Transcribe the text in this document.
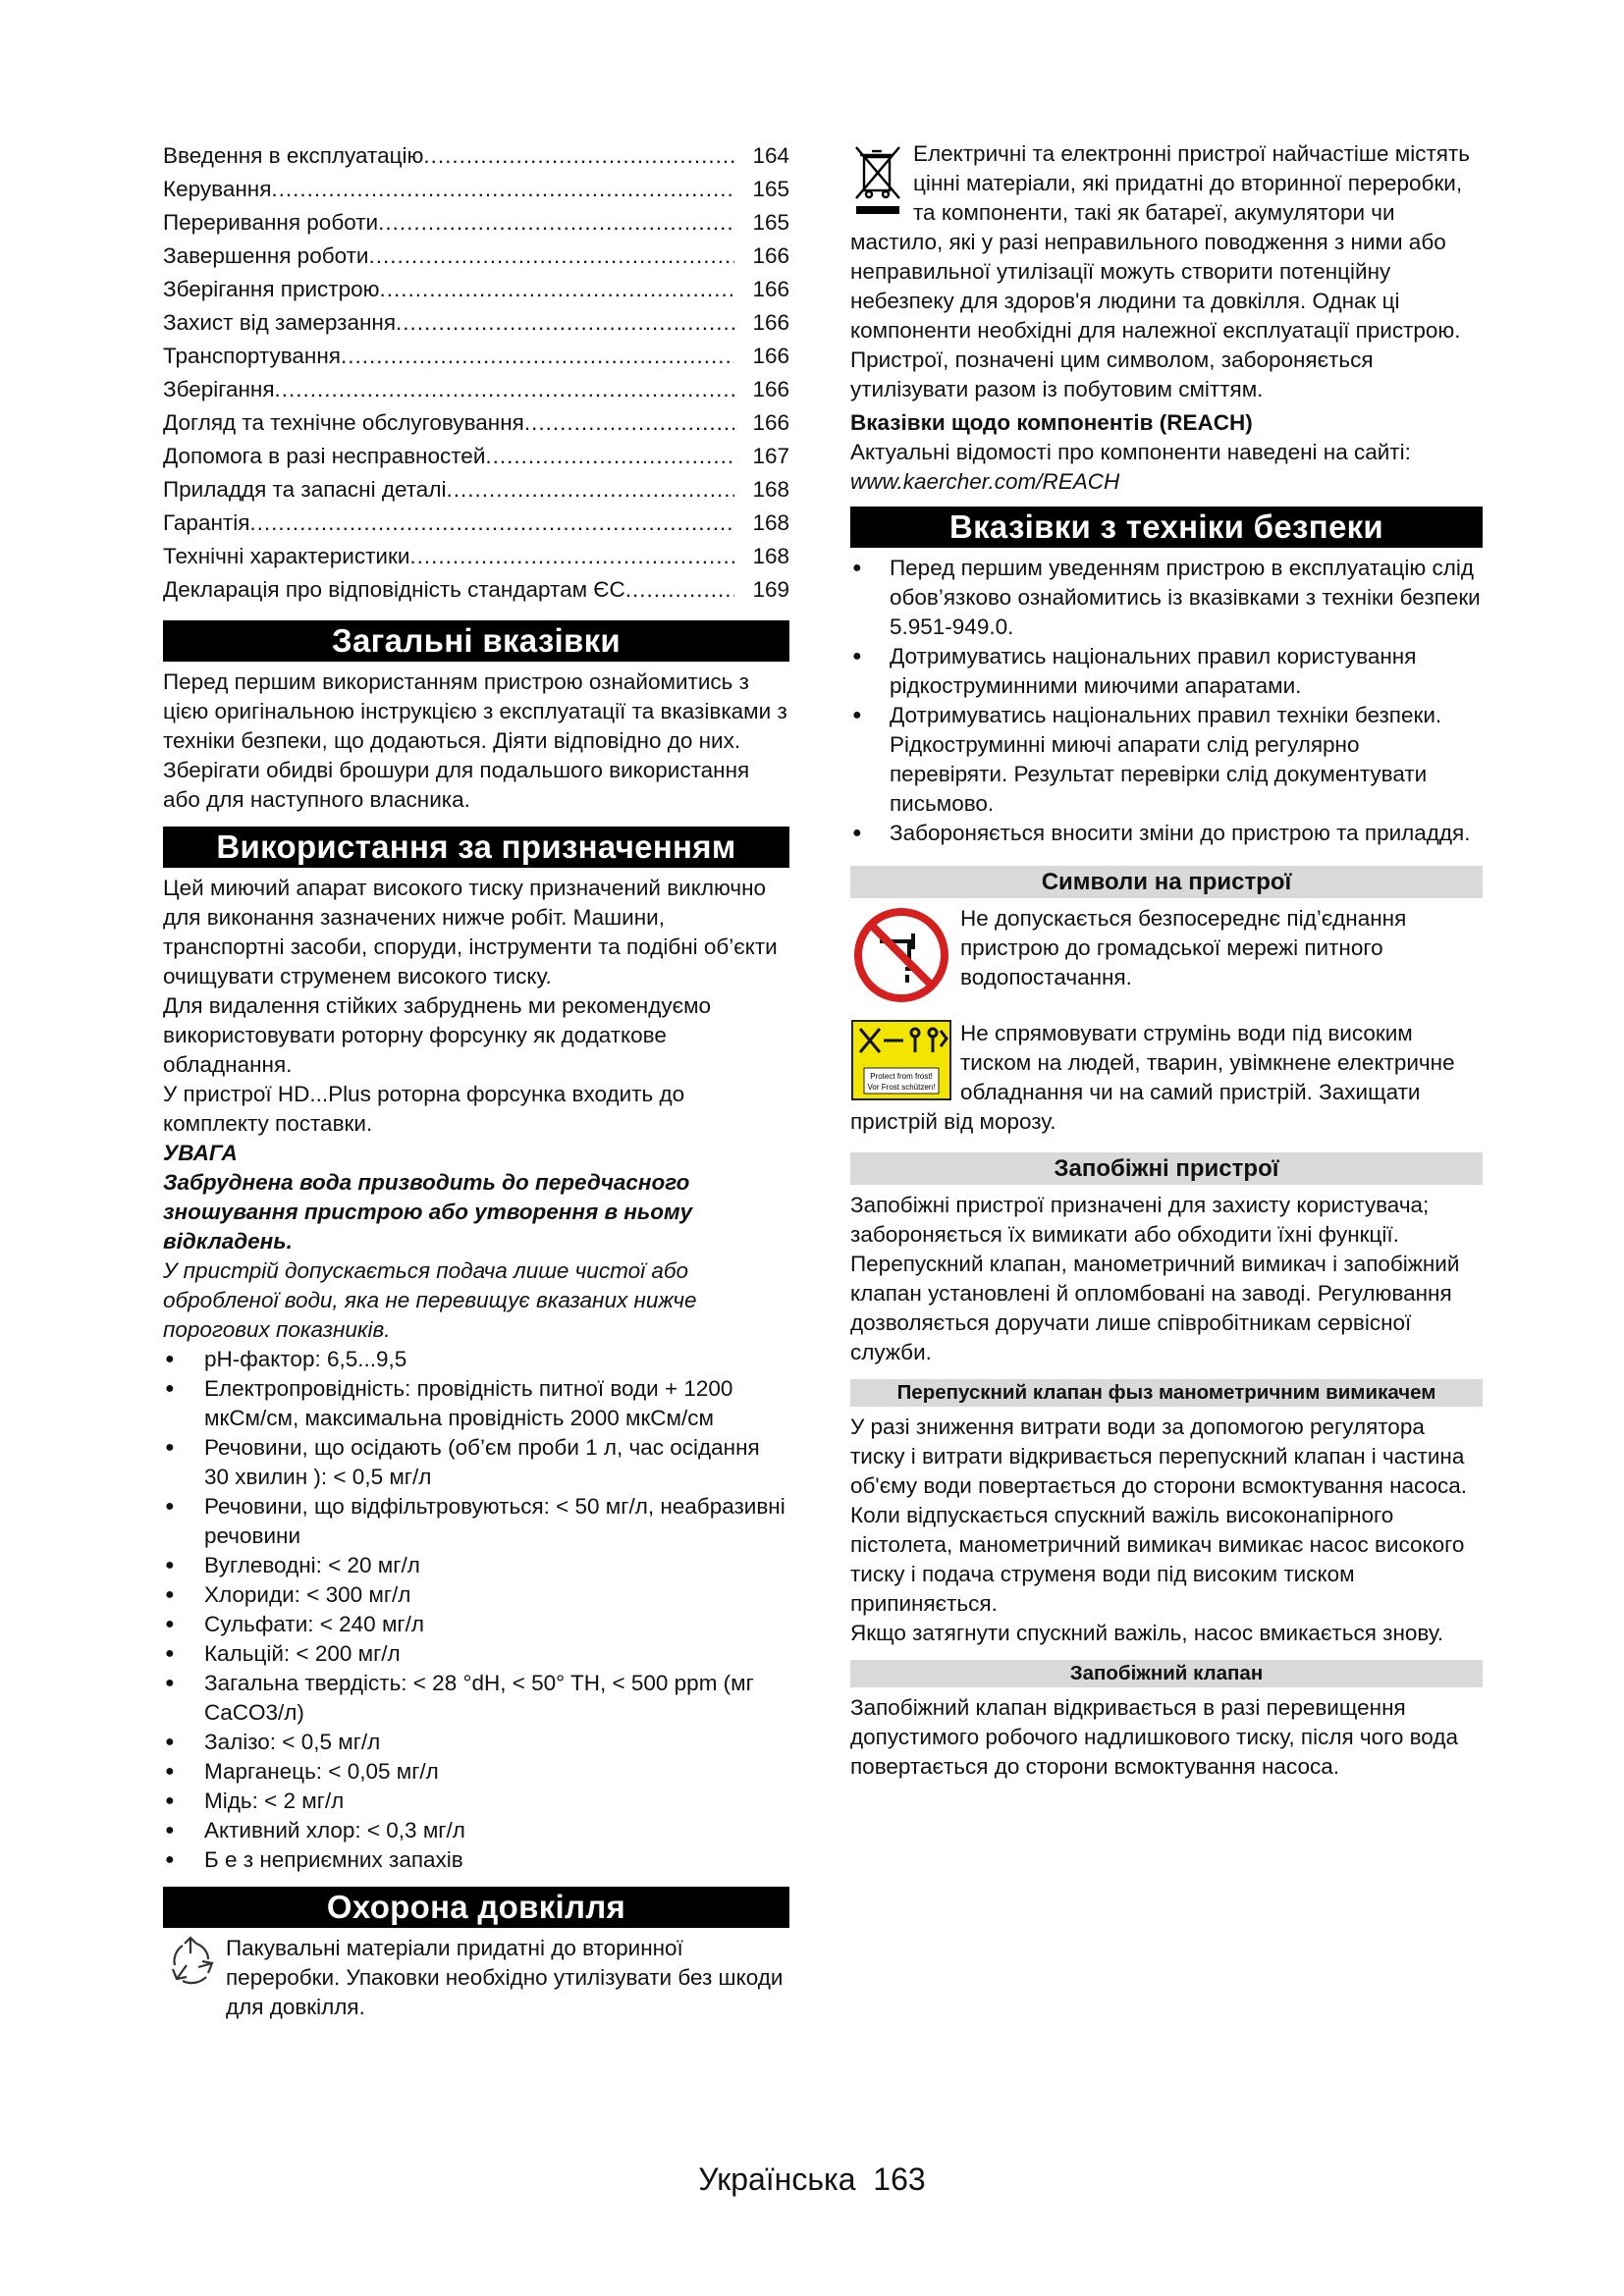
Введення в експлуатацію .....	164
Керування .....	165
Переривання роботи .....	165
Завершення роботи .....	166
Зберігання пристрою .....	166
Захист від замерзання .....	166
Транспортування .....	166
Зберігання .....	166
Догляд та технічне обслуговування .....	166
Допомога в разі несправностей .....	167
Приладдя та запасні деталі .....	168
Гарантія .....	168
Технічні характеристики .....	168
Декларація про відповідність стандартам ЄС .....	169
Загальні вказівки

Перед першим використанням пристрою ознайомитись з цією оригінальною інструкцією з експлуатації та вказівками з техніки безпеки, що додаються. Діяти відповідно до них.

Зберігати обидві брошури для подальшого використання або для наступного власника.

Використання за призначенням

Цей миючий апарат високого тиску призначений виключно для виконання зазначених нижче робіт. Машини, транспортні засоби, споруди, інструменти та подібні об’єкти очищувати струменем високого тиску.

Для видалення стійких забруднень ми рекомендуємо використовувати роторну форсунку як додаткове обладнання.

У пристрої HD...Plus роторна форсунка входить до комплекту поставки.

УВАГА

Забруднена вода призводить до передчасного зношування пристрою або утворення в ньому відкладень.

У пристрій допускається подача лише чистої або обробленої води, яка не перевищує вказаних нижче порогових показників.

● pH-фактор: 6,5...9,5
● Електропровідність: провідність питної води + 1200 мкСм/см, максимальна провідність 2000 мкСм/см
● Речовини, що осідають (об’єм проби 1 л, час осідання 30 хвилин ): < 0,5 мг/л
● Речовини, що відфільтровуються: < 50 мг/л, неабразивні речовини
● Вуглеводні: < 20 мг/л
● Хлориди: < 300 мг/л
● Сульфати: < 240 мг/л
● Кальцій: < 200 мг/л
● Загальна твердість: < 28 °dH, < 50° TH, < 500 ppm (мг CaCO3/л)
● Залізо: < 0,5 мг/л
● Марганець: < 0,05 мг/л
● Мідь: < 2 мг/л
● Активний хлор: < 0,3 мг/л
● Б е з неприємних запахів
Охорона довкілля

Пакувальні матеріали придатні до вторинної переробки. Упаковки необхідно утилізувати без шкоди для довкілля.

Електричні та електронні пристрої найчастіше містять цінні матеріали, які придатні до вторинної переробки, та компоненти, такі як батареї, акумулятори чи мастило, які у разі неправильного поводження з ними або неправильної утилізації можуть створити потенційну небезпеку для здоров'я людини та довкілля. Однак ці компоненти необхідні для належної експлуатації пристрою. Пристрої, позначені цим символом, забороняється утилізувати разом із побутовим сміттям.

Вказівки щодо компонентів (REACH)

Актуальні відомості про компоненти наведені на сайті: www.kaercher.com/REACH

Вказівки з техніки безпеки
● Перед першим уведенням пристрою в експлуатацію слід обов’язково ознайомитись із вказівками з техніки безпеки 5.951-949.0.
● Дотримуватись національних правил користування рідкоструминними миючими апаратами.
● Дотримуватись національних правил техніки безпеки. Рідкоструминні миючі апарати слід регулярно перевіряти. Результат перевірки слід документувати письмово.
● Забороняється вносити зміни до пристрою та приладдя.
Символи на пристрої

Не допускається безпосереднє під’єднання пристрою до громадської мережі питного водопостачання.

Protect from frost!
Vor Frost schützen!

Не спрямовувати струмінь води під високим тиском на людей, тварин, увімкнене електричне обладнання чи на самий пристрій. Захищати пристрій від морозу.

Запобіжні пристрої

Запобіжні пристрої призначені для захисту користувача; забороняється їх вимикати або обходити їхні функції.

Перепускний клапан, манометричний вимикач і запобіжний клапан установлені й опломбовані на заводі. Регулювання дозволяється доручати лише співробітникам сервісної служби.

Перепускний клапан фыз манометричним вимикачем

У разі зниження витрати води за допомогою регулятора тиску і витрати відкривається перепускний клапан і частина об'єму води повертається до сторони всмоктування насоса.

Коли відпускається спускний важіль високонапірного пістолета, манометричний вимикач вимикає насос високого тиску і подача струменя води під високим тиском припиняється.

Якщо затягнути спускний важіль, насос вмикається знову.

Запобіжний клапан

Запобіжний клапан відкривається в разі перевищення допустимого робочого надлишкового тиску, після чого вода повертається до сторони всмоктування насоса.

Українська 163
